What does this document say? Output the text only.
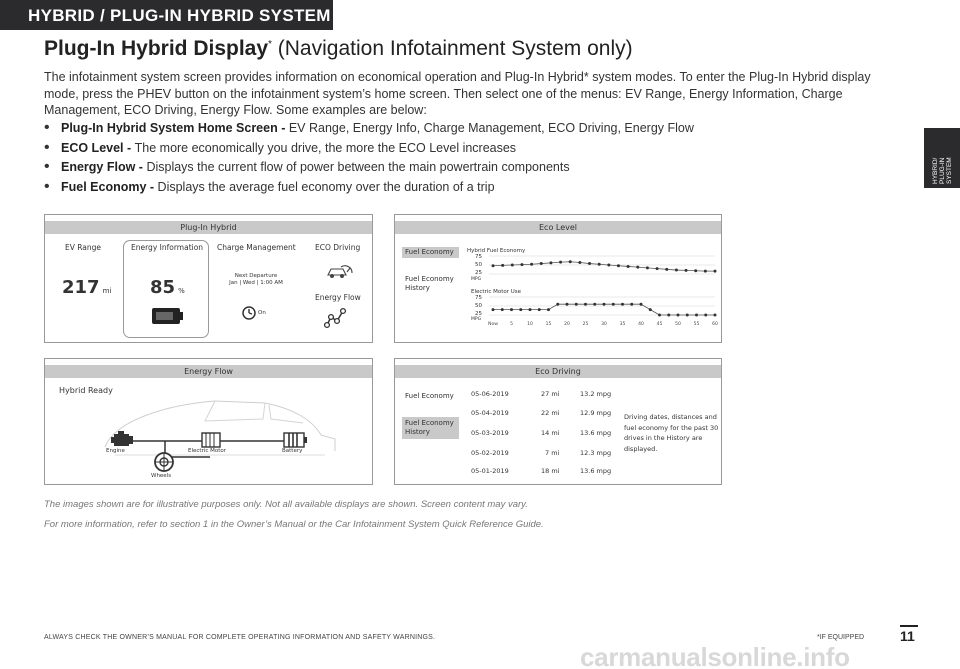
HYBRID / PLUG-IN HYBRID SYSTEM
HYBRID/
PLUG-IN
SYSTEM
Plug-In Hybrid Display* (Navigation Infotainment System only)

The infotainment system screen provides information on economical operation and Plug-In Hybrid* system modes. To enter the Plug-In Hybrid display mode, press the PHEV button on the infotainment system’s home screen. Then select one of the menus: EV Range, Energy Information, Charge Management, ECO Driving, Energy Flow. Some examples are below:

• Plug-In Hybrid System Home Screen - EV Range, Energy Info, Charge Management, ECO Driving, Energy Flow
• ECO Level - The more economically you drive, the more the ECO Level increases
• Energy Flow - Displays the current flow of power between the main powertrain components
• Fuel Economy - Displays the average fuel economy over the duration of a trip
Plug-In Hybrid
EV Range	Energy Information Charge Management	ECO Driving
217 mi 85 %
Next Departure
Jan | Wed | 1:00 AM
On
Energy Flow
Eco Level
Fuel Economy
Fuel Economy
History
Hybrid Fuel Economy
75
50
25
MPG
Electric Motor Use
75
50
25
MPG
Now	5	10	15	20	25	30	35	40	45	50	55	60
Energy Flow
Hybrid Ready
Engine	Electric Motor	Battery
Wheels
Eco Driving
Fuel Economy
Fuel Economy
History
05-06-2019	27 mi	13.2 mpg
05-04-2019	22 mi	12.9 mpg
05-03-2019	14 mi	13.6 mpg
05-02-2019	7 mi	12.3 mpg
05-01-2019	18 mi	13.6 mpg
Driving dates, distances and fuel economy for the past 30 drives in the History are displayed.
The images shown are for illustrative purposes only. Not all available displays are shown. Screen content may vary.
For more information, refer to section 1 in the Owner’s Manual or the Car Infotainment System Quick Reference Guide.
ALWAYS CHECK THE OWNER’S MANUAL FOR COMPLETE OPERATING INFORMATION AND SAFETY WARNINGS.	*IF EQUIPPED	11
carmanualsonline.info
